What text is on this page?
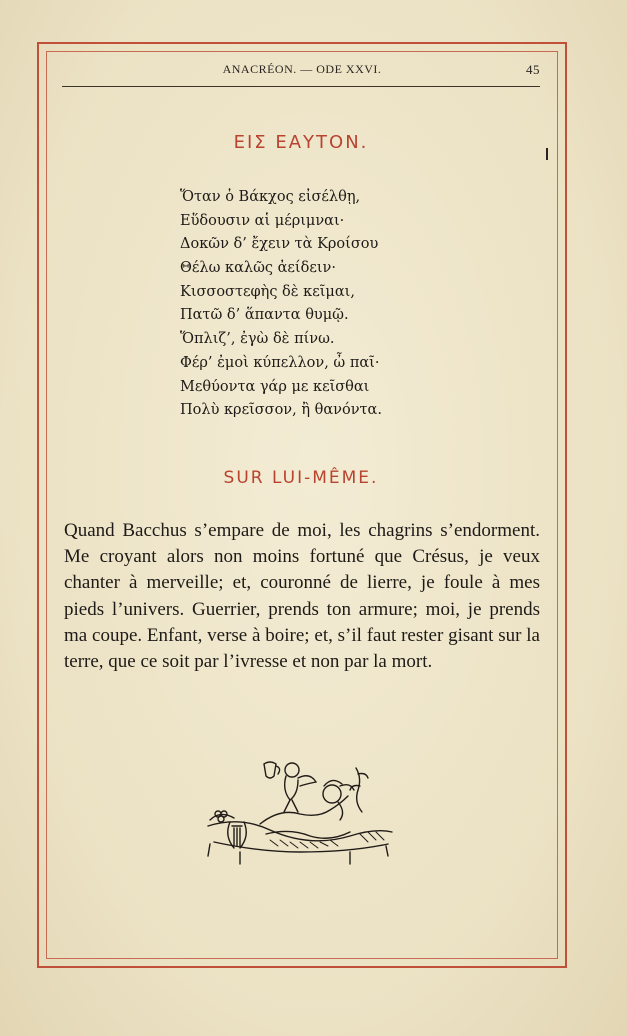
ANACRÉON. — ODE XXVI.	45
ΕΙΣ ΕΑΥΤΟΝ.
Ὅταν ὁ Βάκχος εἰσέλθῃ,
Εὕδουσιν αἱ μέριμναι·
Δοκῶν δ’ ἔχειν τὰ Κροίσου
Θέλω καλῶς ἀείδειν·
Κισσοστεφὴς δὲ κεῖμαι,
Πατῶ δ’ ἅπαντα θυμῷ.
Ὅπλιζ’, ἐγὼ δὲ πίνω.
Φέρ’ ἐμοὶ κύπελλον, ὦ παῖ·
Μεθύοντα γάρ με κεῖσθαι
Πολὺ κρεῖσσον, ἢ θανόντα.
SUR LUI-MÊME.

Quand Bacchus s’empare de moi, les chagrins s’endorment. Me croyant alors non moins fortuné que Crésus, je veux chanter à merveille; et, couronné de lierre, je foule à mes pieds l’univers. Guerrier, prends ton armure; moi, je prends ma coupe. Enfant, verse à boire; et, s’il faut rester gisant sur la terre, que ce soit par l’ivresse et non par la mort.
